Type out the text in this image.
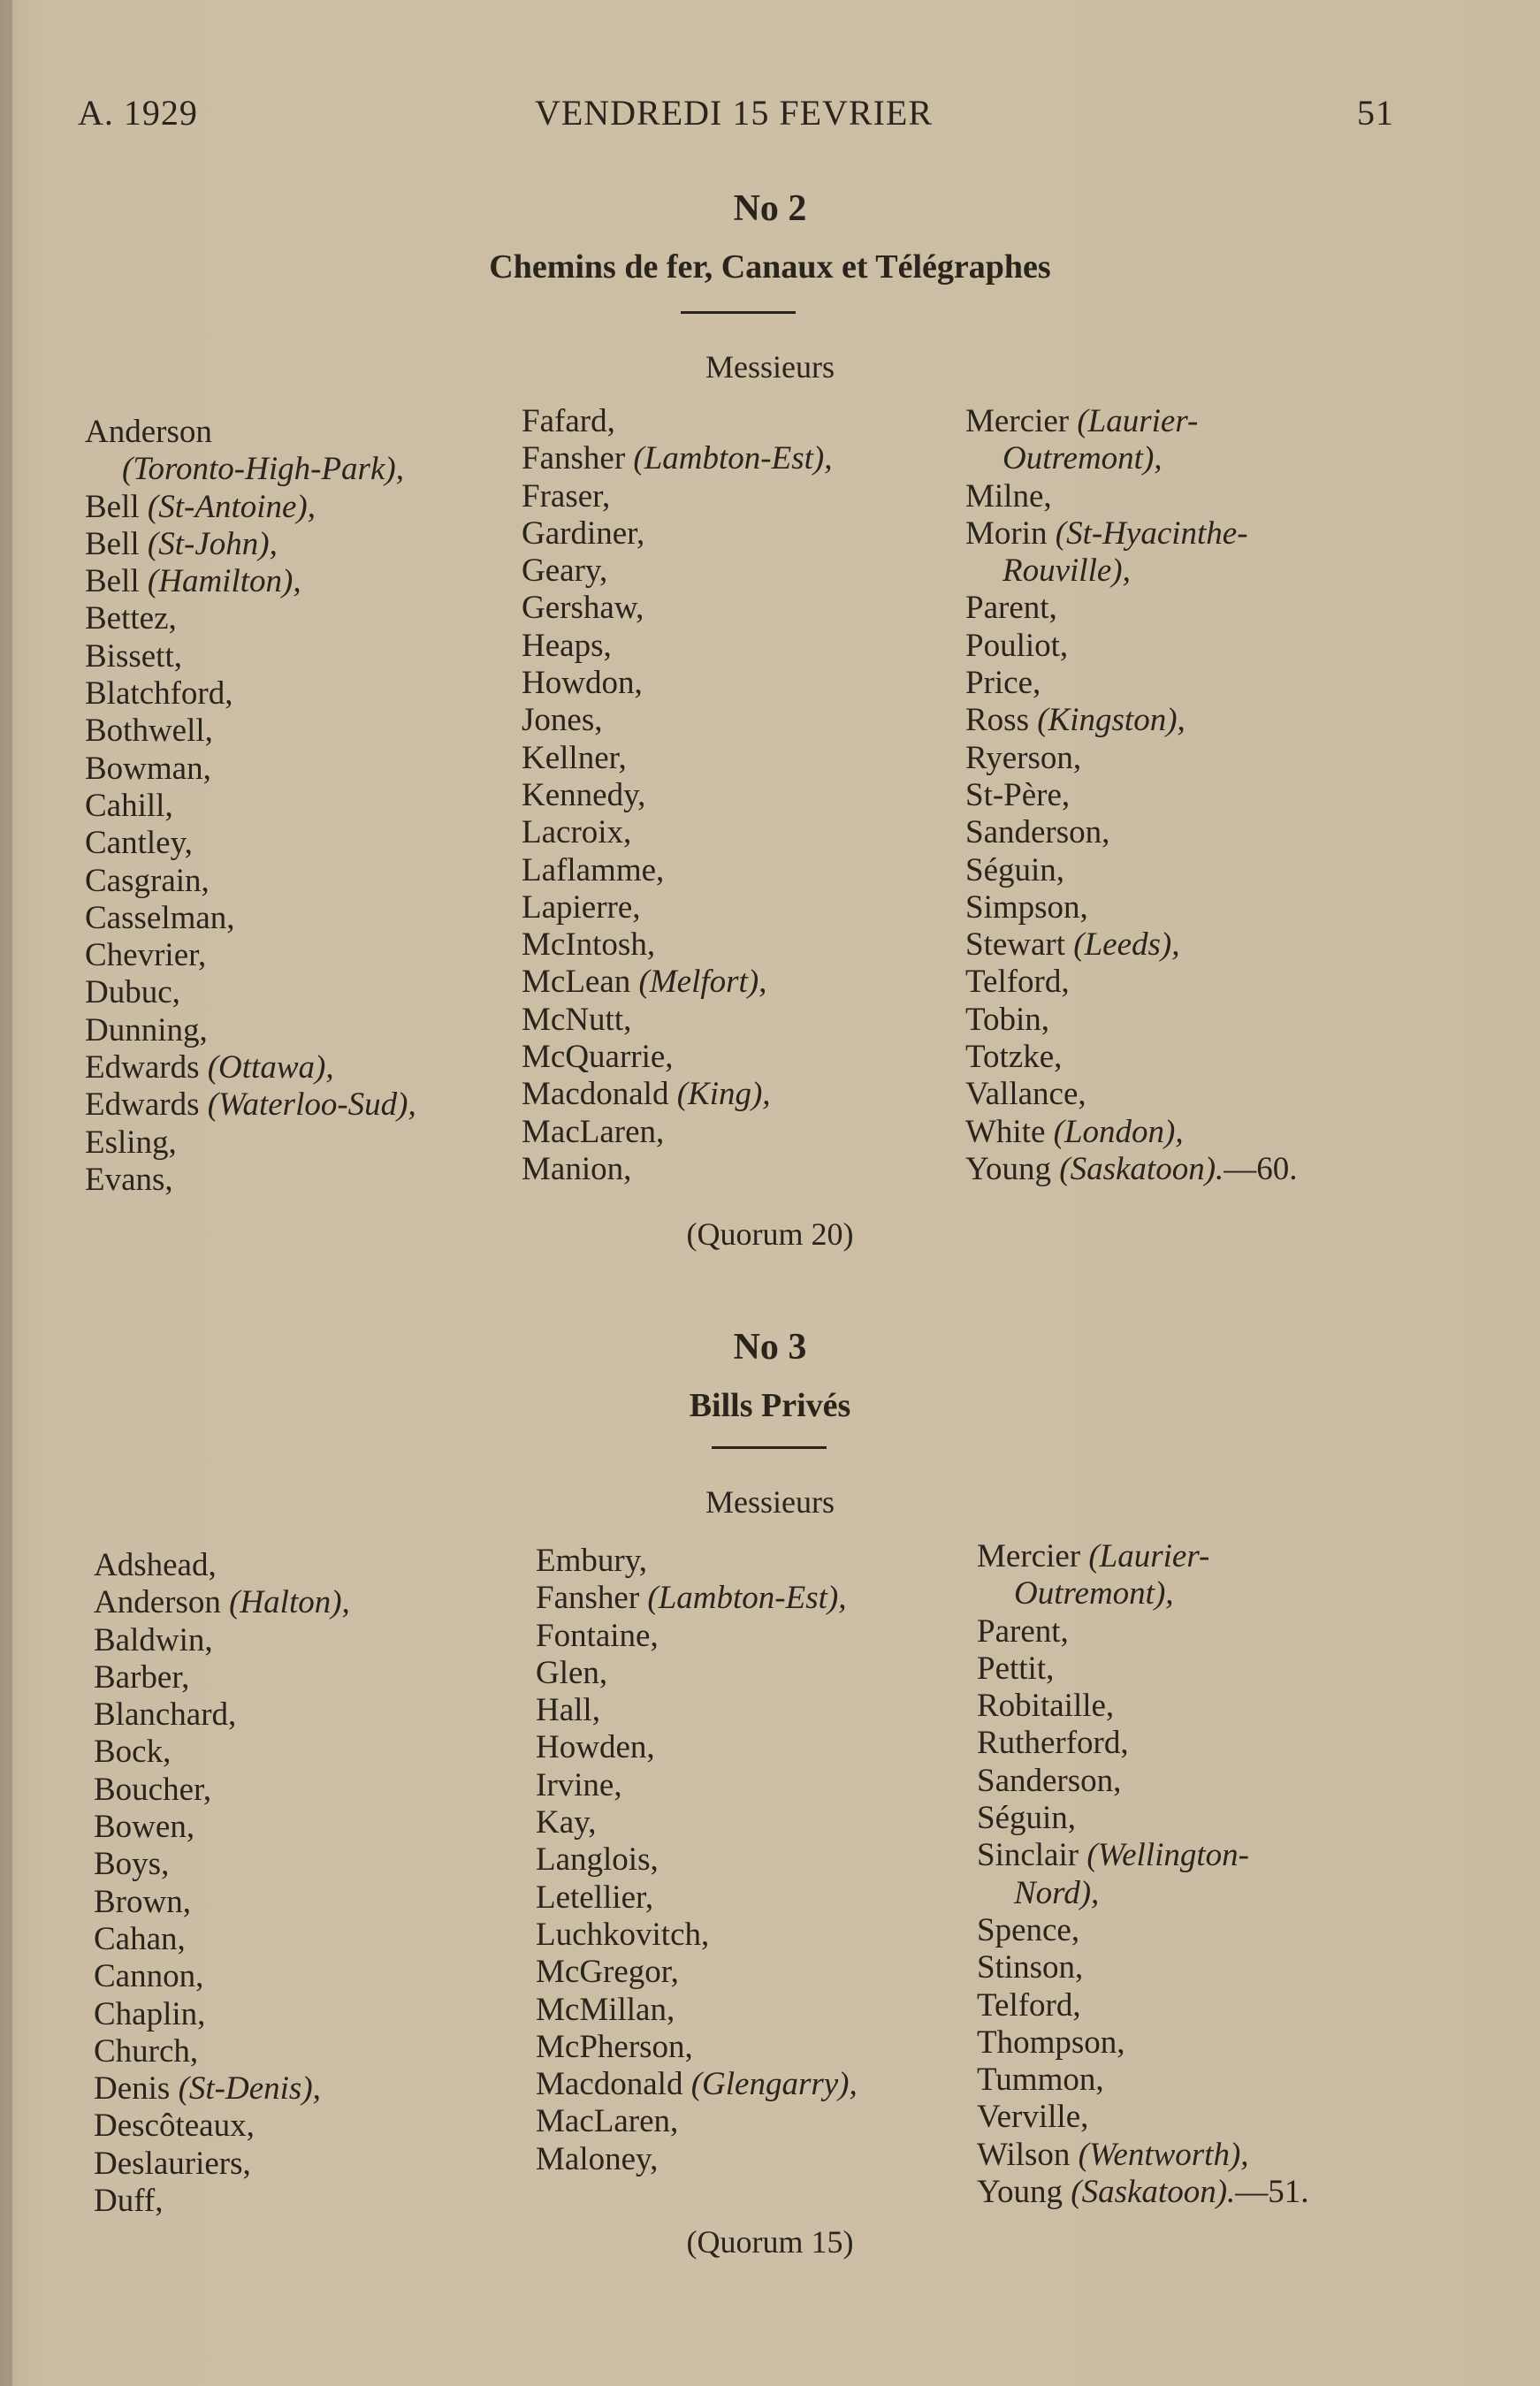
A. 1929	VENDREDI 15 FEVRIER	51
No 2
Chemins de fer, Canaux et Télégraphes
Messieurs
Anderson
(Toronto-High-Park),
Bell (St-Antoine),
Bell (St-John),
Bell (Hamilton),
Bettez,
Bissett,
Blatchford,
Bothwell,
Bowman,
Cahill,
Cantley,
Casgrain,
Casselman,
Chevrier,
Dubuc,
Dunning,
Edwards (Ottawa),
Edwards (Waterloo-Sud),
Esling,
Evans,
Fafard,
Fansher (Lambton-Est),
Fraser,
Gardiner,
Geary,
Gershaw,
Heaps,
Howdon,
Jones,
Kellner,
Kennedy,
Lacroix,
Laflamme,
Lapierre,
McIntosh,
McLean (Melfort),
McNutt,
McQuarrie,
Macdonald (King),
MacLaren,
Manion,
Mercier (Laurier-
Outremont),
Milne,
Morin (St-Hyacinthe-
Rouville),
Parent,
Pouliot,
Price,
Ross (Kingston),
Ryerson,
St-Père,
Sanderson,
Séguin,
Simpson,
Stewart (Leeds),
Telford,
Tobin,
Totzke,
Vallance,
White (London),
Young (Saskatoon).—60.
(Quorum 20)
No 3
Bills Privés
Messieurs
Adshead,
Anderson (Halton),
Baldwin,
Barber,
Blanchard,
Bock,
Boucher,
Bowen,
Boys,
Brown,
Cahan,
Cannon,
Chaplin,
Church,
Denis (St-Denis),
Descôteaux,
Deslauriers,
Duff,
Embury,
Fansher (Lambton-Est),
Fontaine,
Glen,
Hall,
Howden,
Irvine,
Kay,
Langlois,
Letellier,
Luchkovitch,
McGregor,
McMillan,
McPherson,
Macdonald (Glengarry),
MacLaren,
Maloney,
Mercier (Laurier-
Outremont),
Parent,
Pettit,
Robitaille,
Rutherford,
Sanderson,
Séguin,
Sinclair (Wellington-
Nord),
Spence,
Stinson,
Telford,
Thompson,
Tummon,
Verville,
Wilson (Wentworth),
Young (Saskatoon).—51.
(Quorum 15)
